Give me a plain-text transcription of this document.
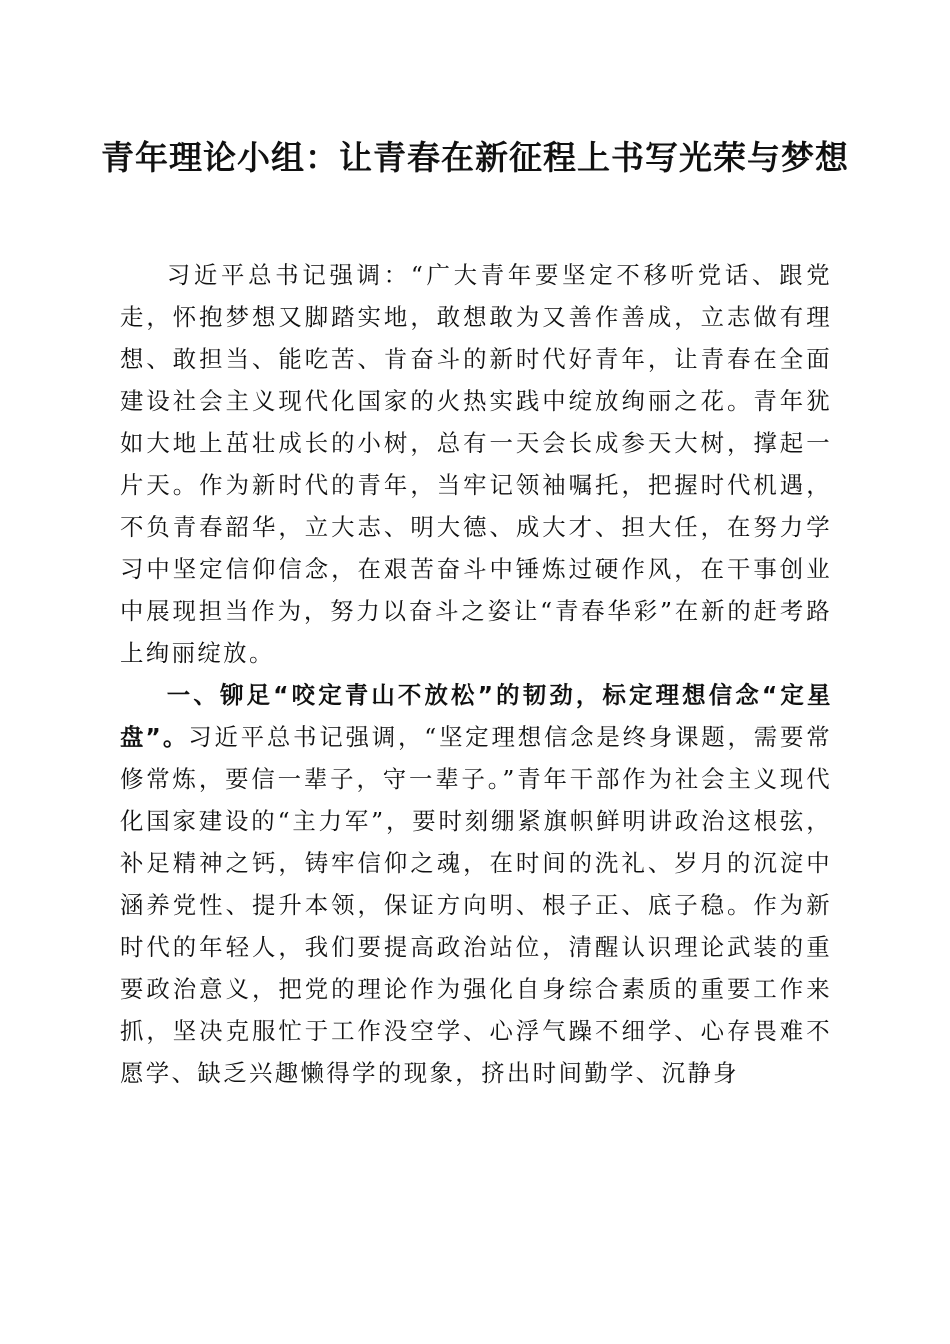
青年理论小组：让青春在新征程上书写光荣与梦想

习近平总书记强调：“广大青年要坚定不移听党话、跟党走，怀抱梦想又脚踏实地，敢想敢为又善作善成，立志做有理想、敢担当、能吃苦、肯奋斗的新时代好青年，让青春在全面建设社会主义现代化国家的火热实践中绽放绚丽之花。青年犹如大地上茁壮成长的小树，总有一天会长成参天大树，撑起一片天。作为新时代的青年，当牢记领袖嘱托，把握时代机遇，不负青春韶华，立大志、明大德、成大才、担大任，在努力学习中坚定信仰信念，在艰苦奋斗中锤炼过硬作风，在干事创业中展现担当作为，努力以奋斗之姿让“青春华彩”在新的赶考路上绚丽绽放。

一、铆足“咬定青山不放松”的韧劲，标定理想信念“定星盘”。习近平总书记强调，“坚定理想信念是终身课题，需要常修常炼，要信一辈子，守一辈子。”青年干部作为社会主义现代化国家建设的“主力军”，要时刻绷紧旗帜鲜明讲政治这根弦，补足精神之钙，铸牢信仰之魂，在时间的洗礼、岁月的沉淀中涵养党性、提升本领，保证方向明、根子正、底子稳。作为新时代的年轻人，我们要提高政治站位，清醒认识理论武装的重要政治意义，把党的理论作为强化自身综合素质的重要工作来抓，坚决克服忙于工作没空学、心浮气躁不细学、心存畏难不愿学、缺乏兴趣懒得学的现象，挤出时间勤学、沉静身
